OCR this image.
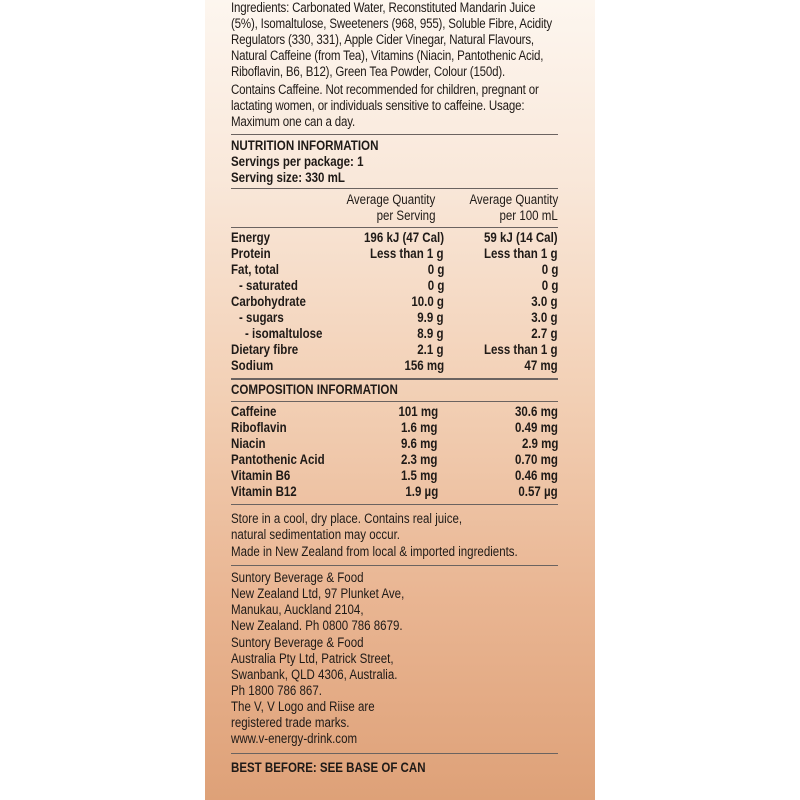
Ingredients: Carbonated Water, Reconstituted Mandarin Juice (5%), Isomaltulose, Sweeteners (968, 955), Soluble Fibre, Acidity Regulators (330, 331), Apple Cider Vinegar, Natural Flavours, Natural Caffeine (from Tea), Vitamins (Niacin, Pantothenic Acid, Riboflavin, B6, B12), Green Tea Powder, Colour (150d).

Contains Caffeine. Not recommended for children, pregnant or lactating women, or individuals sensitive to caffeine. Usage: Maximum one can a day.

NUTRITION INFORMATION

Servings per package: 1

Serving size: 330 mL

	Average Quantity	Average Quantity
	per Serving	per 100 mL
Energy	196 kJ (47 Cal)	59 kJ (14 Cal)
Protein	Less than 1 g	Less than 1 g
Fat, total	0 g	0 g
- saturated	0 g	0 g
Carbohydrate	10.0 g	3.0 g
- sugars	9.9 g	3.0 g
- isomaltulose	8.9 g	2.7 g
Dietary fibre	2.1 g	Less than 1 g
Sodium	156 mg	47 mg

COMPOSITION INFORMATION

Caffeine	101 mg	30.6 mg
Riboflavin	1.6 mg	0.49 mg
Niacin	9.6 mg	2.9 mg
Pantothenic Acid	2.3 mg	0.70 mg
Vitamin B6	1.5 mg	0.46 mg
Vitamin B12	1.9 µg	0.57 µg

Store in a cool, dry place. Contains real juice,

natural sedimentation may occur.

Made in New Zealand from local & imported ingredients.

Suntory Beverage & Food

New Zealand Ltd, 97 Plunket Ave,

Manukau, Auckland 2104,

New Zealand. Ph 0800 786 8679.

Suntory Beverage & Food

Australia Pty Ltd, Patrick Street,

Swanbank, QLD 4306, Australia.

Ph 1800 786 867.

The V, V Logo and Riise are

registered trade marks.

www.v-energy-drink.com

BEST BEFORE: SEE BASE OF CAN
